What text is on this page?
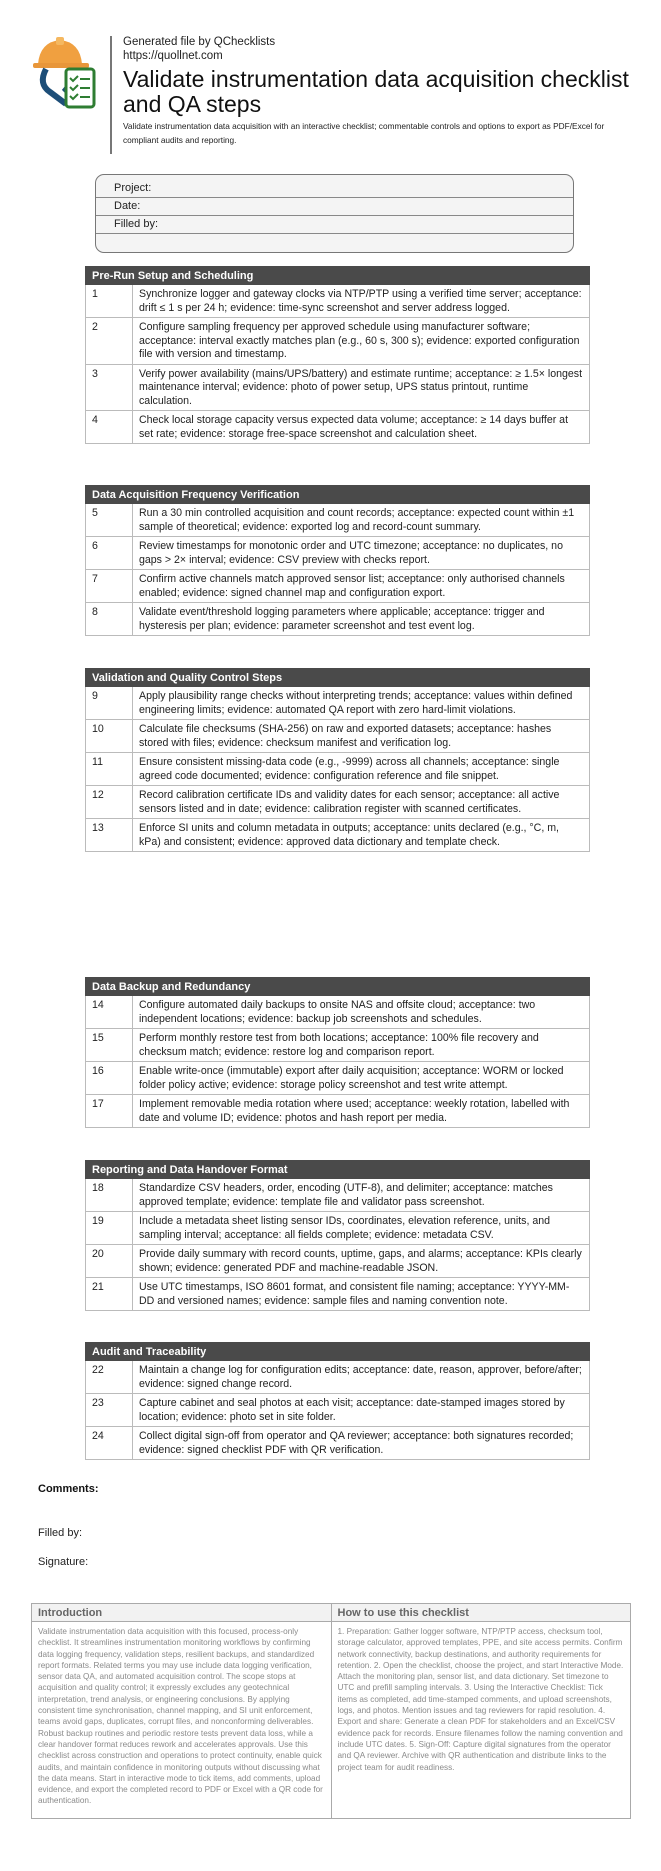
Generated file by QChecklists
https://quollnet.com
Validate instrumentation data acquisition checklist and QA steps
Validate instrumentation data acquisition with an interactive checklist; commentable controls and options to export as PDF/Excel for compliant audits and reporting.
Project:
Date:
Filled by:
Pre-Run Setup and Scheduling
1	Synchronize logger and gateway clocks via NTP/PTP using a verified time server; acceptance: drift ≤ 1 s per 24 h; evidence: time-sync screenshot and server address logged.
2	Configure sampling frequency per approved schedule using manufacturer software; acceptance: interval exactly matches plan (e.g., 60 s, 300 s); evidence: exported configuration file with version and timestamp.
3	Verify power availability (mains/UPS/battery) and estimate runtime; acceptance: ≥ 1.5× longest maintenance interval; evidence: photo of power setup, UPS status printout, runtime calculation.
4	Check local storage capacity versus expected data volume; acceptance: ≥ 14 days buffer at set rate; evidence: storage free-space screenshot and calculation sheet.
Data Acquisition Frequency Verification
5	Run a 30 min controlled acquisition and count records; acceptance: expected count within ±1 sample of theoretical; evidence: exported log and record-count summary.
6	Review timestamps for monotonic order and UTC timezone; acceptance: no duplicates, no gaps > 2× interval; evidence: CSV preview with checks report.
7	Confirm active channels match approved sensor list; acceptance: only authorised channels enabled; evidence: signed channel map and configuration export.
8	Validate event/threshold logging parameters where applicable; acceptance: trigger and hysteresis per plan; evidence: parameter screenshot and test event log.
Validation and Quality Control Steps
9	Apply plausibility range checks without interpreting trends; acceptance: values within defined engineering limits; evidence: automated QA report with zero hard-limit violations.
10	Calculate file checksums (SHA-256) on raw and exported datasets; acceptance: hashes stored with files; evidence: checksum manifest and verification log.
11	Ensure consistent missing-data code (e.g., -9999) across all channels; acceptance: single agreed code documented; evidence: configuration reference and file snippet.
12	Record calibration certificate IDs and validity dates for each sensor; acceptance: all active sensors listed and in date; evidence: calibration register with scanned certificates.
13	Enforce SI units and column metadata in outputs; acceptance: units declared (e.g., °C, m, kPa) and consistent; evidence: approved data dictionary and template check.
Data Backup and Redundancy
14	Configure automated daily backups to onsite NAS and offsite cloud; acceptance: two independent locations; evidence: backup job screenshots and schedules.
15	Perform monthly restore test from both locations; acceptance: 100% file recovery and checksum match; evidence: restore log and comparison report.
16	Enable write-once (immutable) export after daily acquisition; acceptance: WORM or locked folder policy active; evidence: storage policy screenshot and test write attempt.
17	Implement removable media rotation where used; acceptance: weekly rotation, labelled with date and volume ID; evidence: photos and hash report per media.
Reporting and Data Handover Format
18	Standardize CSV headers, order, encoding (UTF-8), and delimiter; acceptance: matches approved template; evidence: template file and validator pass screenshot.
19	Include a metadata sheet listing sensor IDs, coordinates, elevation reference, units, and sampling interval; acceptance: all fields complete; evidence: metadata CSV.
20	Provide daily summary with record counts, uptime, gaps, and alarms; acceptance: KPIs clearly shown; evidence: generated PDF and machine-readable JSON.
21	Use UTC timestamps, ISO 8601 format, and consistent file naming; acceptance: YYYY-MM-DD and versioned names; evidence: sample files and naming convention note.
Audit and Traceability
22	Maintain a change log for configuration edits; acceptance: date, reason, approver, before/after; evidence: signed change record.
23	Capture cabinet and seal photos at each visit; acceptance: date-stamped images stored by location; evidence: photo set in site folder.
24	Collect digital sign-off from operator and QA reviewer; acceptance: both signatures recorded; evidence: signed checklist PDF with QR verification.
Comments:
Filled by:
Signature:
Introduction
Validate instrumentation data acquisition with this focused, process-only checklist. It streamlines instrumentation monitoring workflows by confirming data logging frequency, validation steps, resilient backups, and standardized report formats. Related terms you may use include data logging verification, sensor data QA, and automated acquisition control. The scope stops at acquisition and quality control; it expressly excludes any geotechnical interpretation, trend analysis, or engineering conclusions. By applying consistent time synchronisation, channel mapping, and SI unit enforcement, teams avoid gaps, duplicates, corrupt files, and nonconforming deliverables. Robust backup routines and periodic restore tests prevent data loss, while a clear handover format reduces rework and accelerates approvals. Use this checklist across construction and operations to protect continuity, enable quick audits, and maintain confidence in monitoring outputs without discussing what the data means. Start in interactive mode to tick items, add comments, upload evidence, and export the completed record to PDF or Excel with a QR code for authentication.
How to use this checklist
1. Preparation: Gather logger software, NTP/PTP access, checksum tool, storage calculator, approved templates, PPE, and site access permits. Confirm network connectivity, backup destinations, and authority requirements for retention. 2. Open the checklist, choose the project, and start Interactive Mode. Attach the monitoring plan, sensor list, and data dictionary. Set timezone to UTC and prefill sampling intervals. 3. Using the Interactive Checklist: Tick items as completed, add time-stamped comments, and upload screenshots, logs, and photos. Mention issues and tag reviewers for rapid resolution. 4. Export and share: Generate a clean PDF for stakeholders and an Excel/CSV evidence pack for records. Ensure filenames follow the naming convention and include UTC dates. 5. Sign-Off: Capture digital signatures from the operator and QA reviewer. Archive with QR authentication and distribute links to the project team for audit readiness.
